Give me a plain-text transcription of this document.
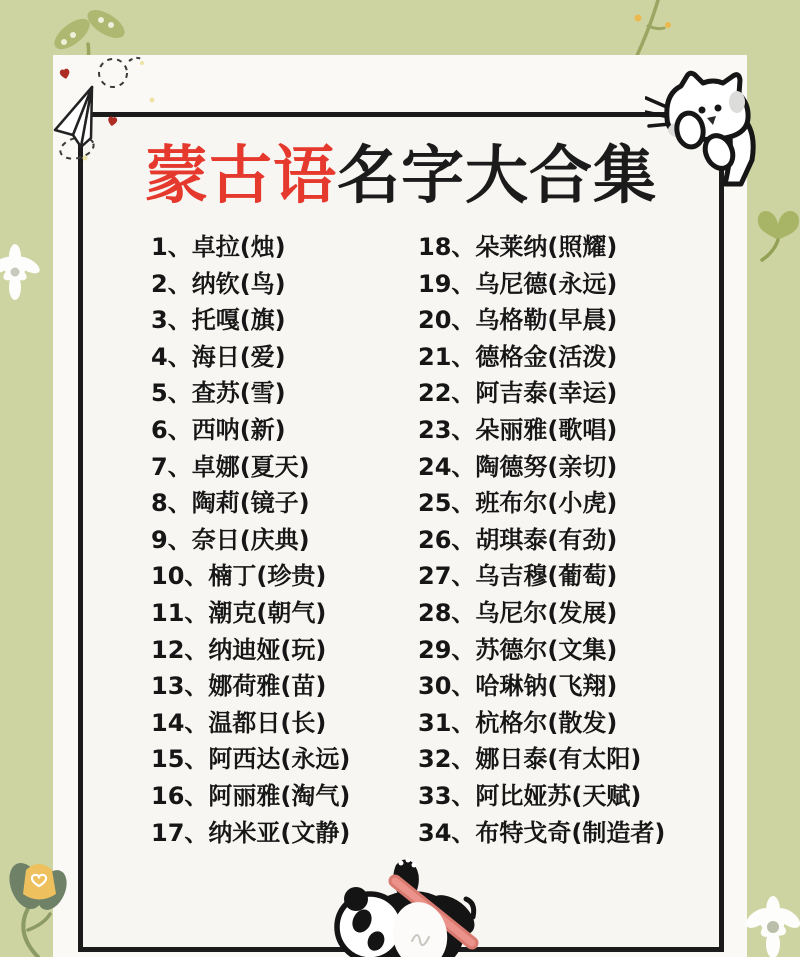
蒙古语名字大合集
1、卓拉(烛)
2、纳钦(鸟)
3、托嘎(旗)
4、海日(爱)
5、查苏(雪)
6、西呐(新)
7、卓娜(夏天)
8、陶莉(镜子)
9、奈日(庆典)
10、楠丁(珍贵)
11、潮克(朝气)
12、纳迪娅(玩)
13、娜荷雅(苗)
14、温都日(长)
15、阿西达(永远)
16、阿丽雅(淘气)
17、纳米亚(文静)
18、朵莱纳(照耀)
19、乌尼德(永远)
20、乌格勒(早晨)
21、德格金(活泼)
22、阿吉泰(幸运)
23、朵丽雅(歌唱)
24、陶德努(亲切)
25、班布尔(小虎)
26、胡琪泰(有劲)
27、乌吉穆(葡萄)
28、乌尼尔(发展)
29、苏德尔(文集)
30、哈琳钠(飞翔)
31、杭格尔(散发)
32、娜日泰(有太阳)
33、阿比娅苏(天赋)
34、布特戈奇(制造者)
